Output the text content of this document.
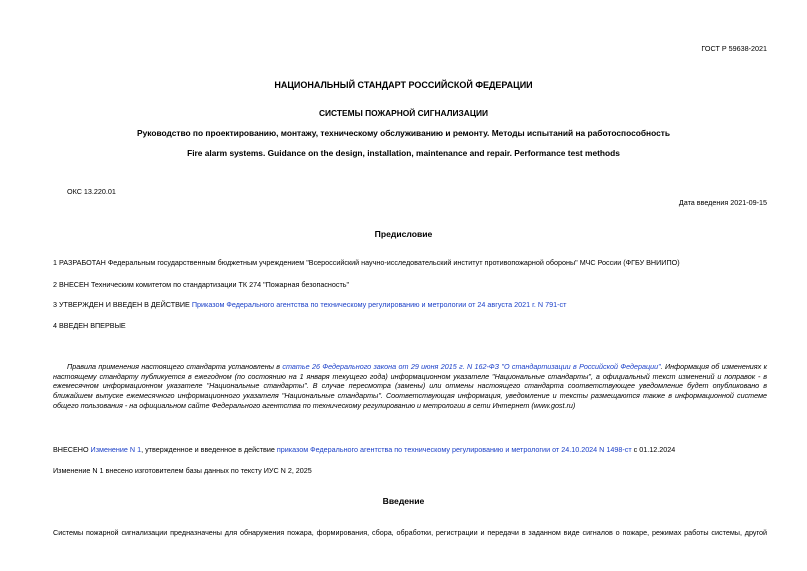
ГОСТ Р 59638-2021
НАЦИОНАЛЬНЫЙ СТАНДАРТ РОССИЙСКОЙ ФЕДЕРАЦИИ
СИСТЕМЫ ПОЖАРНОЙ СИГНАЛИЗАЦИИ
Руководство по проектированию, монтажу, техническому обслуживанию и ремонту. Методы испытаний на работоспособность
Fire alarm systems. Guidance on the design, installation, maintenance and repair. Performance test methods
ОКС 13.220.01
Дата введения 2021-09-15
Предисловие
1 РАЗРАБОТАН Федеральным государственным бюджетным учреждением "Всероссийский научно-исследовательский институт противопожарной обороны" МЧС России (ФГБУ ВНИИПО)
2 ВНЕСЕН Техническим комитетом по стандартизации ТК 274 "Пожарная безопасность"
3 УТВЕРЖДЕН И ВВЕДЕН В ДЕЙСТВИЕ Приказом Федерального агентства по техническому регулированию и метрологии от 24 августа 2021 г. N 791-ст
4 ВВЕДЕН ВПЕРВЫЕ
Правила применения настоящего стандарта установлены в статье 26 Федерального закона от 29 июня 2015 г. N 162-ФЗ "О стандартизации в Российской Федерации". Информация об изменениях к настоящему стандарту публикуется в ежегодном (по состоянию на 1 января текущего года) информационном указателе "Национальные стандарты", а официальный текст изменений и поправок - в ежемесячном информационном указателе "Национальные стандарты". В случае пересмотра (замены) или отмены настоящего стандарта соответствующее уведомление будет опубликовано в ближайшем выпуске ежемесячного информационного указателя "Национальные стандарты". Соответствующая информация, уведомление и тексты размещаются также в информационной системе общего пользования - на официальном сайте Федерального агентства по техническому регулированию и метрологии в сети Интернет (www.gost.ru)
ВНЕСЕНО Изменение N 1, утвержденное и введенное в действие приказом Федерального агентства по техническому регулированию и метрологии от 24.10.2024 N 1498-ст с 01.12.2024
Изменение N 1 внесено изготовителем базы данных по тексту ИУС N 2, 2025
Введение
Системы пожарной сигнализации предназначены для обнаружения пожара, формирования, сбора, обработки, регистрации и передачи в заданном виде сигналов о пожаре, режимах работы системы, другой
